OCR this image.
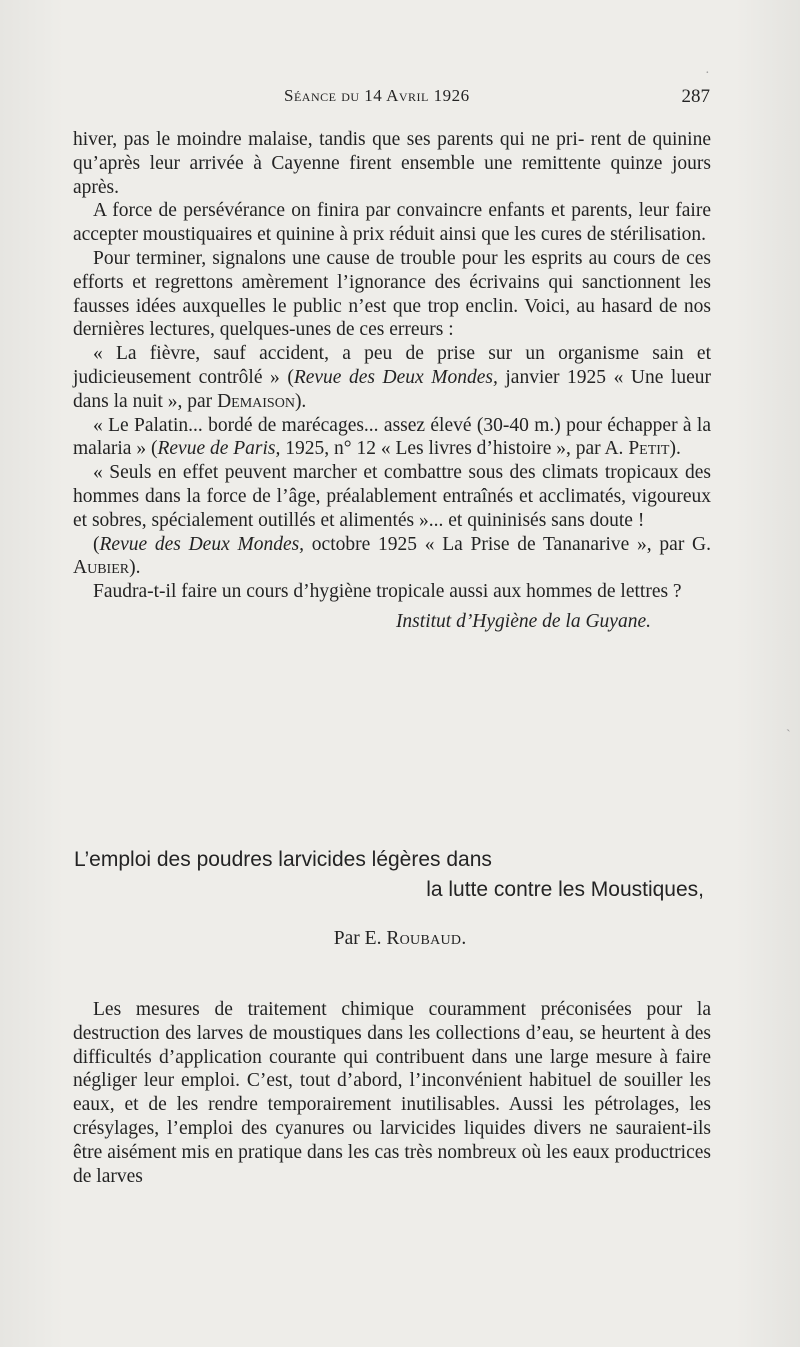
Séance du 14 Avril 1926	287

hiver, pas le moindre malaise, tandis que ses parents qui ne pri- rent de quinine qu’après leur arrivée à Cayenne firent ensemble une remittente quinze jours après.

A force de persévérance on finira par convaincre enfants et parents, leur faire accepter moustiquaires et quinine à prix réduit ainsi que les cures de stérilisation.

Pour terminer, signalons une cause de trouble pour les esprits au cours de ces efforts et regrettons amèrement l’ignorance des écrivains qui sanctionnent les fausses idées auxquelles le public n’est que trop enclin. Voici, au hasard de nos dernières lectures, quelques-unes de ces erreurs :

« La fièvre, sauf accident, a peu de prise sur un organisme sain et judicieusement contrôlé » (Revue des Deux Mondes, janvier 1925 « Une lueur dans la nuit », par Demaison).

« Le Palatin... bordé de marécages... assez élevé (30-40 m.) pour échapper à la malaria » (Revue de Paris, 1925, n° 12 « Les livres d’histoire », par A. Petit).

« Seuls en effet peuvent marcher et combattre sous des climats tropicaux des hommes dans la force de l’âge, préalablement entraînés et acclimatés, vigoureux et sobres, spécialement outillés et alimentés »... et quininisés sans doute !

(Revue des Deux Mondes, octobre 1925 « La Prise de Tananarive », par G. Aubier).

Faudra-t-il faire un cours d’hygiène tropicale aussi aux hommes de lettres ?

Institut d’Hygiène de la Guyane.
L’emploi des poudres larvicides légères dans
la lutte contre les Moustiques,
Par E. Roubaud.

Les mesures de traitement chimique couramment préconisées pour la destruction des larves de moustiques dans les collections d’eau, se heurtent à des difficultés d’application courante qui contribuent dans une large mesure à faire négliger leur emploi. C’est, tout d’abord, l’inconvénient habituel de souiller les eaux, et de les rendre temporairement inutilisables. Aussi les pétrolages, les crésylages, l’emploi des cyanures ou larvicides liquides divers ne sauraient-ils être aisément mis en pratique dans les cas très nombreux où les eaux productrices de larves

·
`
